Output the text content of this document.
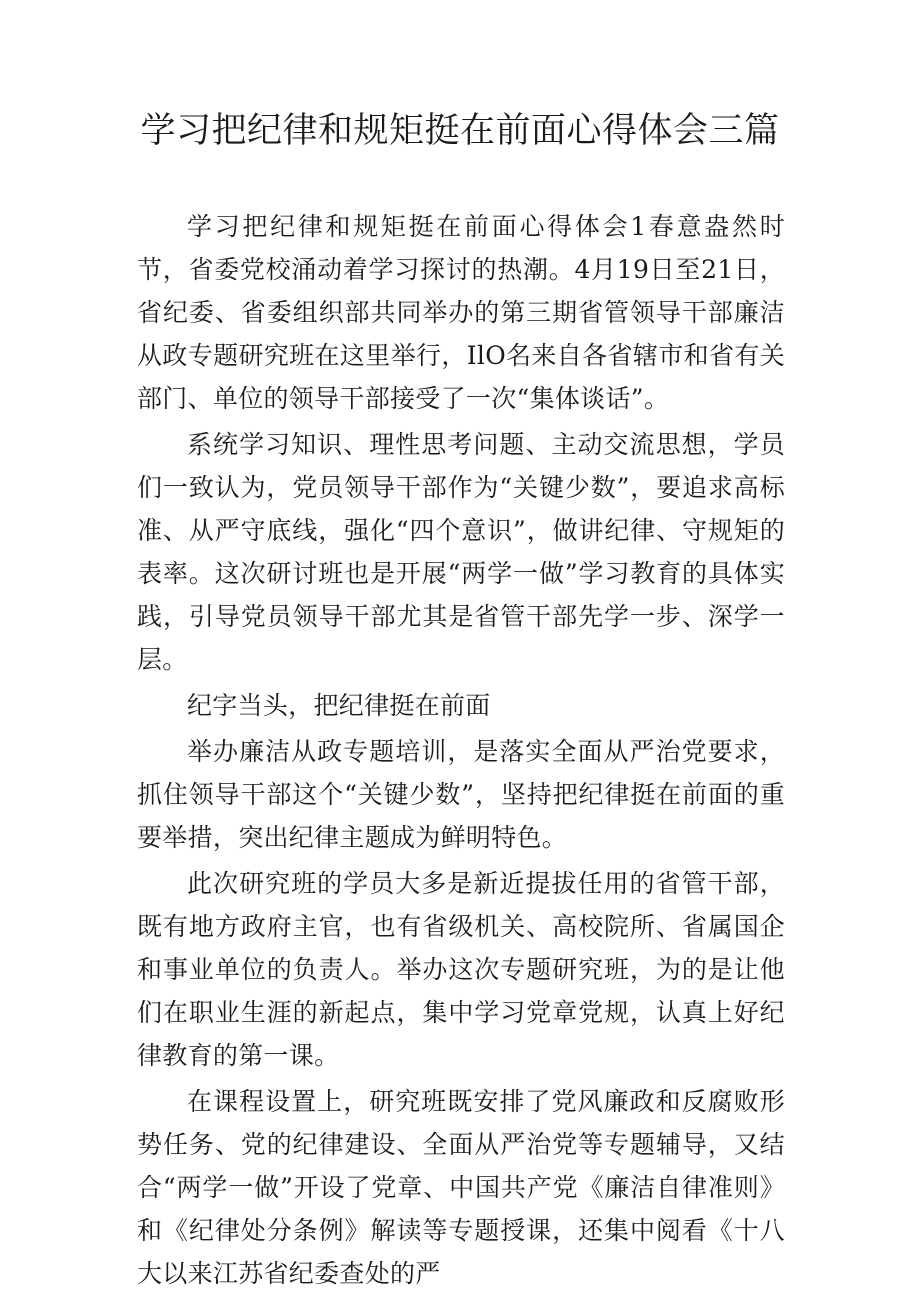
学习把纪律和规矩挺在前面心得体会三篇

学习把纪律和规矩挺在前面心得体会1春意盎然时节，省委党校涌动着学习探讨的热潮。4月19日至21日，省纪委、省委组织部共同举办的第三期省管领导干部廉洁从政专题研究班在这里举行，IlO名来自各省辖市和省有关部门、单位的领导干部接受了一次“集体谈话”。

系统学习知识、理性思考问题、主动交流思想，学员们一致认为，党员领导干部作为“关键少数”，要追求高标准、从严守底线，强化“四个意识”，做讲纪律、守规矩的表率。这次研讨班也是开展“两学一做”学习教育的具体实践，引导党员领导干部尤其是省管干部先学一步、深学一层。

纪字当头，把纪律挺在前面

举办廉洁从政专题培训，是落实全面从严治党要求，抓住领导干部这个“关键少数”，坚持把纪律挺在前面的重要举措，突出纪律主题成为鲜明特色。

此次研究班的学员大多是新近提拔任用的省管干部，既有地方政府主官，也有省级机关、高校院所、省属国企和事业单位的负责人。举办这次专题研究班，为的是让他们在职业生涯的新起点，集中学习党章党规，认真上好纪律教育的第一课。

在课程设置上，研究班既安排了党风廉政和反腐败形势任务、党的纪律建设、全面从严治党等专题辅导，又结合“两学一做”开设了党章、中国共产党《廉洁自律准则》和《纪律处分条例》解读等专题授课，还集中阅看《十八大以来江苏省纪委查处的严
